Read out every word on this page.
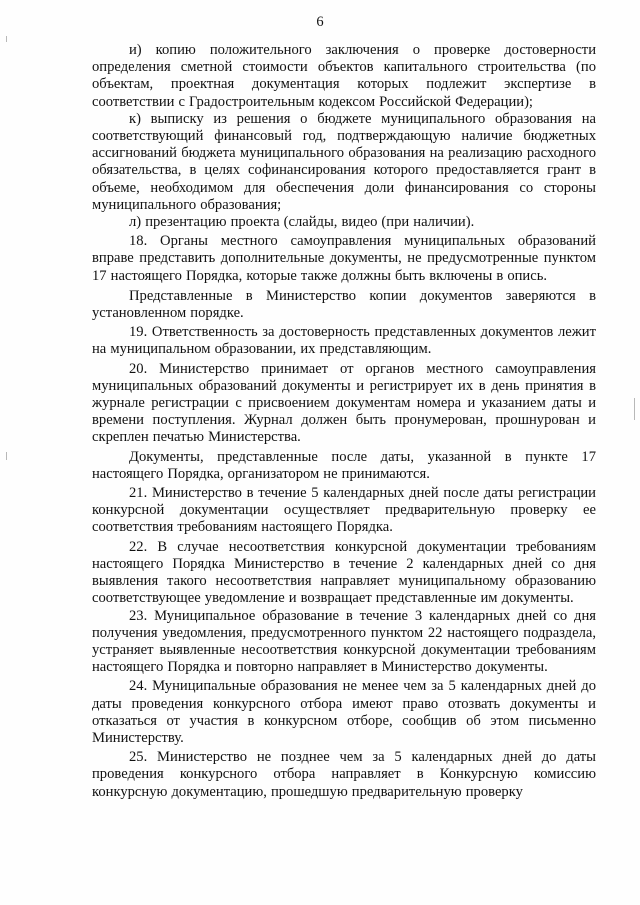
6

и) копию положительного заключения о проверке достоверности определения сметной стоимости объектов капитального строительства (по объектам, проектная документация которых подлежит экспертизе в соответствии с Градостроительным кодексом Российской Федерации);

к) выписку из решения о бюджете муниципального образования на соответствующий финансовый год, подтверждающую наличие бюджетных ассигнований бюджета муниципального образования на реализацию расходного обязательства, в целях софинансирования которого предоставляется грант в объеме, необходимом для обеспечения доли финансирования со стороны муниципального образования;

л) презентацию проекта (слайды, видео (при наличии).

18. Органы местного самоуправления муниципальных образований вправе представить дополнительные документы, не предусмотренные пунктом 17 настоящего Порядка, которые также должны быть включены в опись.

Представленные в Министерство копии документов заверяются в установленном порядке.

19. Ответственность за достоверность представленных документов лежит на муниципальном образовании, их представляющим.

20. Министерство принимает от органов местного самоуправления муниципальных образований документы и регистрирует их в день принятия в журнале регистрации с присвоением документам номера и указанием даты и времени поступления. Журнал должен быть пронумерован, прошнурован и скреплен печатью Министерства.

Документы, представленные после даты, указанной в пункте 17 настоящего Порядка, организатором не принимаются.

21. Министерство в течение 5 календарных дней после даты регистрации конкурсной документации осуществляет предварительную проверку ее соответствия требованиям настоящего Порядка.

22. В случае несоответствия конкурсной документации требованиям настоящего Порядка Министерство в течение 2 календарных дней со дня выявления такого несоответствия направляет муниципальному образованию соответствующее уведомление и возвращает представленные им документы.

23. Муниципальное образование в течение 3 календарных дней со дня получения уведомления, предусмотренного пунктом 22 настоящего подраздела, устраняет выявленные несоответствия конкурсной документации требованиям настоящего Порядка и повторно направляет в Министерство документы.

24. Муниципальные образования не менее чем за 5 календарных дней до даты проведения конкурсного отбора имеют право отозвать документы и отказаться от участия в конкурсном отборе, сообщив об этом письменно Министерству.

25. Министерство не позднее чем за 5 календарных дней до даты проведения конкурсного отбора направляет в Конкурсную комиссию конкурсную документацию, прошедшую предварительную проверку
